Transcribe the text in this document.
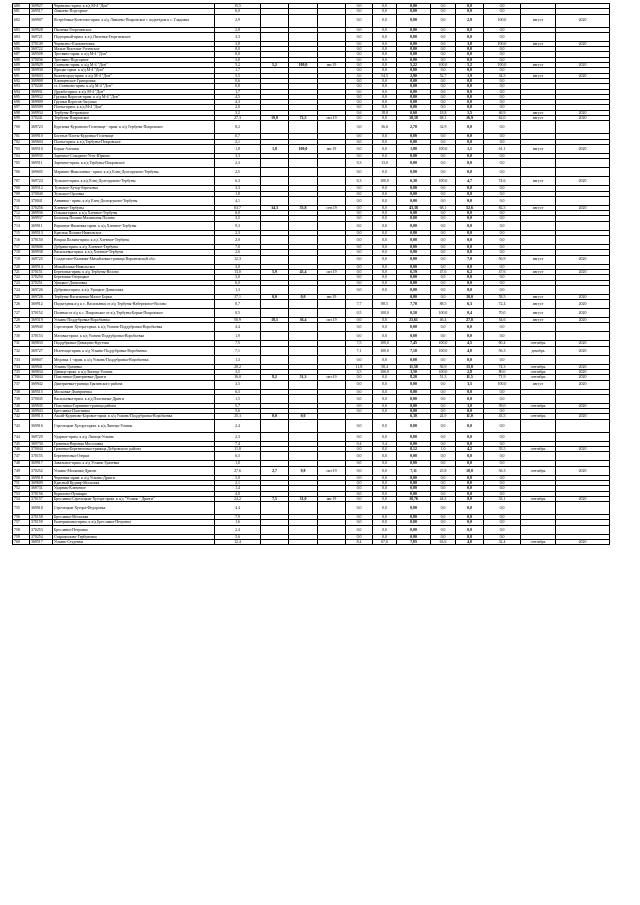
680	369927	Чернилюс-прим. к а/д М-4 "Дон"	15,5				0,0	0,0	0,00	0,0	0,0	0,0		
681	369517	Лимаево-Подгорное	6,0				0,0	0,0	0,00	0,0	0,0	0,0		
682	369907	Ястребовка-Кочетово-прим. к а/д Лимаево-Покровское с подъездом к с. Глядовка	2,9				0,0	0,0	0,00	0,0	2,9	100,0	август	2020
683	369928	Пиленка-Георгиевское	2,8				0,0	0,0	0,00	0,0	0,0	0,0		
684	369721	Подгорный-прим. к а/д Пиленка-Георгиевское	3,3				0,0	0,0	0,00	0,0	0,0	0,0		
685	370149	Чернилюс-Елизаветовка	3,8				0,0	0,0	0,00	0,0	3,8	100,0	август	2020
686	369722	Малые Выселки-Успенское	8,0				0,0	0,0	0,00	0,0	0,0	0,0		
687	369508	Тресвяно-прим. к а/д М-4 "Дон"	8,0				0,0	0,0	0,00	0,0	0,0	0,0		
688	370036	Тресвяно-Подгорное	3,0				0,0	0,0	0,00	0,0	0,0	0,0		
689	369929	Станково-прим. к а/д М-4 "Дон"	5,2	5,2	100,0	авг.19	0,0	0,0	5,22	100,0	5,2	100,0	август	2020
690	369930	Яроцко-прим. к а/д М-4 "Дон"	1,7				0,0	0,0	0,00	0,0	0,0	0,0		
691	369603	Кожевгород-прим. к а/д М-4 "Дон"	5,5				3,0	54,5	2,90	52,7	1,9	34,5	август	2020
692	369908	Клинцевское-Григоровка	0,6				0,0	0,0	0,00	0,0	0,0	0,0		
693	370240	ст. Станково-прим. к а/д М-4 "Дон"	0,8				0,0	0,0	0,00	0,0	0,0	0,0		
694	369931	Дружба-прим. к а/д М-4 "Дон"	1,7				0,0	0,0	0,00	0,0	0,0	0,0		
695	369932	Грушки Ворогов-прим. к а/д М-4 "Дон"	4,5				0,0	0,0	0,00	0,0	0,0	0,0		
696	369909	Грушки Ворогов-Засушко	4,3				0,0	0,0	0,00	0,0	0,0	0,0		
697	369509	Плоты-прим. к а/д М-4 "Дон"	2,0				0,0	0,0	0,00	0,0	0,0	0,0		
698	369934	Тербуны-Петровское	3,2				0,6	18,8	0,60	18,8	1,5	46,9	август	2020
699	370241	Тербуны-Покровское	27,3	19,8	72,5	окт.19	0,0	0,0	18,58	68,1	16,9	62,0	август	2020
700	369723	Курганка-Курганово-Голенище - прим. к а/д Тербуны-Покровское	8,2				3,0	36,6	2,70	32,9	0,0	0,0		
701	369910	Богатые Плоты-Курганка-Голенище	0,7				0,0	0,0	0,00	0,0	0,0	0,0		
702	369604	Плоты-прим. к а/д Тербуны-Покровское	2,1				0,0	0,0	0,00	0,0	0,0	0,0		
703	369510	Борки-Алешки	1,8	1,8	100,0	авг.19	0,0	0,0	1,80	100,0	1,1	61,1	август	2020
704	369935	Заречное-Сокорино-Усть-Юрково	3,3				0,0	0,0	0,00	0,0	0,0	0,0		
705	369511	Заречное-прим. к а/д Тербуны-Покровское	2,3				0,3	13,0	0,00	0,0	0,0	0,0		
706	369605	Мариино-Николаевка - прим. к а/д Елец-Долгоруково-Тербуны	2,5				0,0	0,0	0,00	0,0	0,0	0,0		
707	369724	Тульское-прим. к а/д Елец-Долгоруково-Тербуны	6,3				6,3	100,0	6,30	100,0	4,7	74,6	август	2020
708	369512	Тульское-Хутор-Березовка	3,3				0,0	0,0	0,00	0,0	0,0	0,0		
709	370040	Тульское-Орловка	1,8				0,0	0,0	0,00	0,0	0,0	0,0		
710	370041	Аннинка - прим. к а/д Елец-Долгоруково-Тербуны	4,1				0,0	0,0	0,00	0,0	0,0	0,0		
711	370256	Хлевное-Тербуны	63,7	34,3	53,8	сен.19	0,0	0,0	43,38	68,1	52,6	82,5	август	2020
712	369936	Ольшка-прим. к а/д Хлевное-Тербуны	6,0				0,0	0,0	0,00	0,0	0,0	0,0		
713	369937	Большая Поляна-Малиновая Поляна	3,5				0,0	0,0	0,00	0,0	0,0	0,0		
714	369911	Вершина-Ивановка-прим. к а/д Хлевное-Тербуны	9,3				0,0	0,0	0,00	0,0	0,0	0,0		
715	369513	Красная Поляна-Ивановское	2,3				0,0	0,0	0,00	0,0	0,0	0,0		
716	370150	Вторая Поляна-прим. к а/д Хлевное-Тербуны	2,0				0,0	0,0	0,00	0,0	0,0	0,0		
717	369606	Дубрава-прим. к а/д Хлевное-Тербуны	7,0				0,0	0,0	0,00	0,0	0,0	0,0		
718	369938	Васильевка-прим. к а/д Хлевное-Тербуны	2,6				0,0	0,0	0,00	0,0	0,0	0,0		
719	369725	Солдатское-Калинка-Михайловка-граница Воронежской обл.	12,3				0,0	0,0	0,00	0,0	7,0	56,9	август	2020
720	369514	Михайловка-Никольское	3,0				0,0	0,0	0,00	0,0	0,0	0,0		
721	370151	Березовка-прим. к а/д Тербуны-Волово	13,0	5,9	45,4	окт.19	0,0	0,0	6,19	47,6	6,2	47,6	август	2020
722	370250	Березовка-Озерецкое	3,0				0,0	0,0	0,00	0,0	0,0	0,0		
723	370251	Урицкое-Даниловка	6,0				0,0	0,0	0,00	0,0	0,0	0,0		
724	369726	Дубровка-прим. к а/д Урицкое-Даниловка	1,3				0,0	0,0	0,00	0,0	0,0	0,0		
725	369726	Тербуны-Васильевка-Малое Борки	17,1	0,0	0,0	авг.19			0,00	0,0	10,0	58,5	август	2020
726	369912	Подъездная а/д к с. Васильевка от а/д Тербуны-Набережное-Волово	8,7				7,7	88,5	7,70	88,5	6,3	72,4	август	2020
727	370152	Полевая от а/д к с. Покровское от а/д Тербуны-Борки-Покровское	0,5				0,5	100,0	0,50	100,0	0,4	70,0	август	2020
728	369519	Усмань-Поддубровка-Воробьевка	50,9	18,5	36,4	окт.19	0,0	0,0	23,61	46,4	27,8	54,6	август	2020
729	369940	Стрелецкие Хутора-прим. к а/д Усмань-Поддубровка-Воробьевка	4,4				0,0	0,0	0,00	0,0	0,0	0,0		
730	370153	Мазовка-прим. к а/д Усмань-Поддубровка-Воробьевка	1,9				0,0	0,0	0,00	0,0	0,0	0,0		
731	369833	Поддубровка-Девицино-Крутчик	7,5				7,5	100,0	7,45	100,0	4,5	60,4	сентябрь	2020
732	369727	Излегощи-прим. к а/д Усмань-Поддубровка-Воробьевка	7,1				7,1	100,0	7,10	100,0	4,0	56,3	декабрь	2020
733	369607	Медовка 1 -прим. к а/д Усмань-Поддубровка-Воробьевка	1,3				0,0	0,0	0,00	0,0	0,0	0,0		
734	369941	Усмань-Грачевка	20,2				11,8	58,4	11,50	56,9	15,0	74,3	сентябрь	2020
735	369834	Девица-прим. к а/д Липецк-Усмань	3,5				3,5	100,0	3,50	100,0	2,8	80,0	сентябрь	2020
736	370044	Пластинка-Дмитриевка-Дрязги	16,0	8,2	51,3	окт.19	0,0	0,0	8,20	51,3	11,5	71,9	сентябрь	2020
737	369942	Дмитриевка-граница Грязинского района	3,5				0,0	0,0	0,00	0,0	3,5	100,0	август	2020
738	369515	Московка-Дмитриевка	6,5				0,0	0,0	0,00	0,0	0,0	0,0		
739	370045	Васильевка-прим. к а/д Пластинка-Дрязги	1,5				0,0	0,0	0,00	0,0	0,0	0,0		
740	369945	Пластинка-Гарнинно-граница района	5,7				0,0	0,0	0,00	0,0	3,0	39,0	сентябрь	2020
741	369943	Бреславка-Пластинка	5,6				0,0	0,0	0,00	0,0	0,0	0,0		
742	369913	Аксай-Кудиново-Боровое-прим. к а/д Усмань-Поддубровка-Воробьевка	25,3	0,0	0,0				6,30	24,9	11,0	43,5	сентябрь	2020
743	369916	Стрелецкие Хутора-прим. к а/д Липецк-Усмань	2,4				0,0	0,0	0,00	0,0	0,0	0,0		
744	369729	Ударное-прим. к а/д Липецк-Усмань	2,3				0,0	0,0	0,00	0,0	0,0	0,0		
745	369730	Грачевка-Верхняя Мосоловка	7,4				0,4	5,4	0,00	0,0	0,0	0,0		
746	370044	Грачевка-Березнеговка-граница Добровского района	11,8				0,0	0,0	0,12	1,0	4,2	35,5	сентябрь	2020
747	370155	Березнеговка-Озерки	6,5				0,0	0,0	0,00	0,0	0,0	0,0		
748	369917	Завальное-прим. к а/д Усмань-Грачевка	1,0				0,0	0,0	0,00	0,0	0,0	0,0		
749	370252	Усмань-Московка-Дрязги	27,6	2,7	9,8	окт.19	0,0	0,0	7,11	25,8	10,0	36,3	сентябрь	2020
750	369918	Чернавка-прим. к а/д Усмань-Дрязги	5,0				0,0	0,0	0,00	0,0	0,0	0,0		
751	369609	Красный Кудинр-Московка	2,1				0,0	0,0	0,00	0,0	0,0	0,0		
752	369731	Ударник-Ключевое	1,4				0,0	0,0	0,00	0,0	0,0	0,0		
753	370156	Курилово-Пушкари	4,0				0,0	0,0	0,00	0,0	0,0	0,0		
754	370157	Бреславка-Стрелецкие Хутора-прим. к а/д "Усмань - Дрязги"	24,2	7,5	31,0	авг.19	0,0	0,0	10,76	44,5	8,0	33,1	сентябрь	2020
755	369918	Стрелецкие Хутора-Федоровка	4,4				0,0	0,0	0,00	0,0	0,0	0,0		
756	370158	Бреславка-Московка	7,9				0,0	0,0	0,00	0,0	0,0	0,0		
757	370159	Екатериновка-прим. к а/д Бреславка-Петровка	1,6				0,0	0,0	0,00	0,0	0,0	0,0		
758	370253	Бреславка-Петровка	2,4				0,0	0,0	0,00	0,0	0,0	0,0		
759	370254	Старожилово-Тербуновка	5,6				0,0	0,0	0,00	0,0	0,0	0,0		
760	369517	Усмань-Студенки	12,4				8,4	67,6	7,85	63,6	4,0	32,4	сентябрь	2020
